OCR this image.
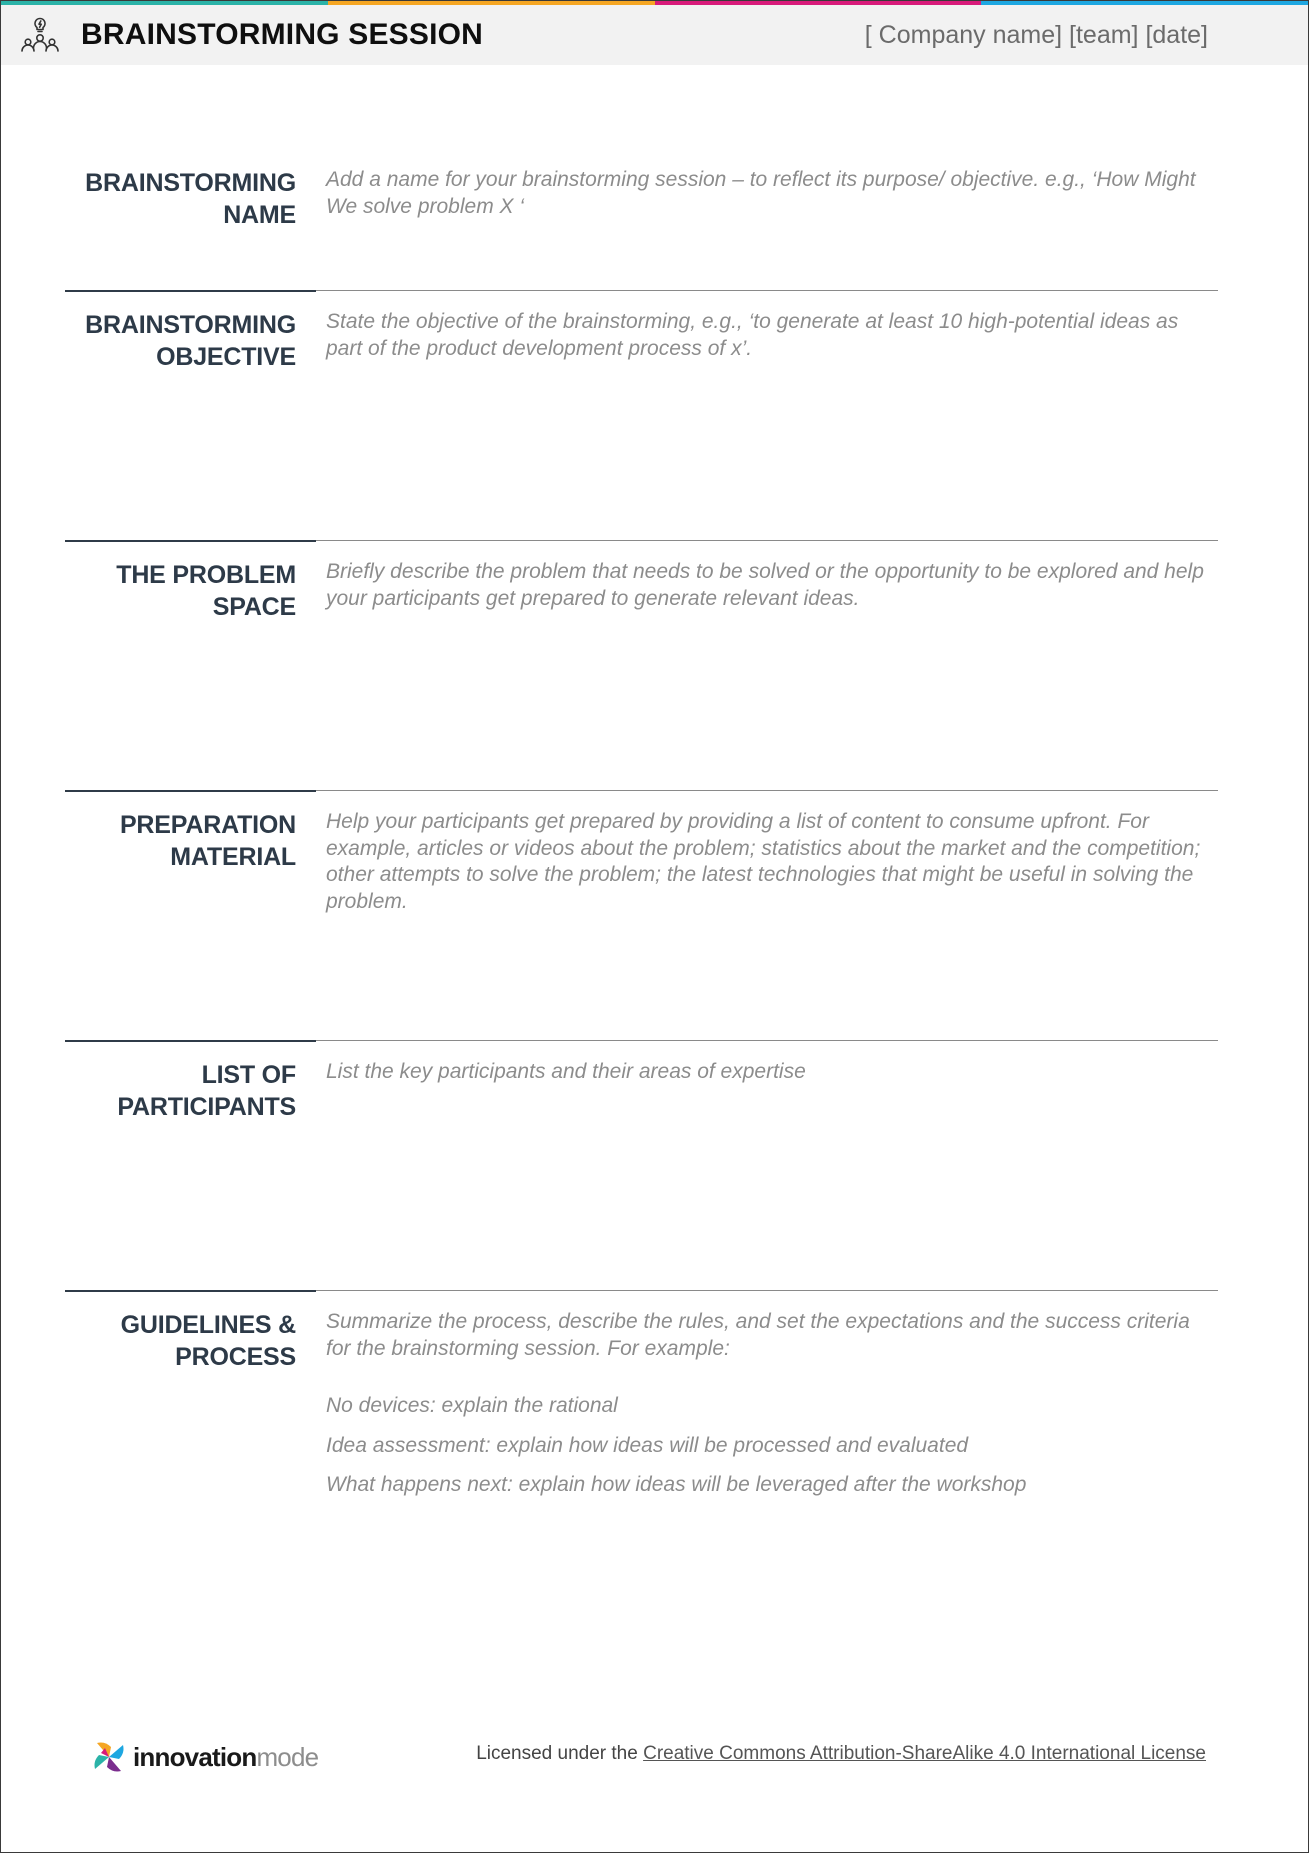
BRAINSTORMING SESSION	[ Company name] [team] [date]
BRAINSTORMING
NAME
Add a name for your brainstorming session – to reflect its purpose/ objective. e.g., ‘How Might We solve problem X ‘
BRAINSTORMING
OBJECTIVE
State the objective of the brainstorming, e.g., ‘to generate at least 10 high-potential ideas as part of the product development process of x’.
THE PROBLEM
SPACE
Briefly describe the problem that needs to be solved or the opportunity to be explored and help your participants get prepared to generate relevant ideas.
PREPARATION
MATERIAL
Help your participants get prepared by providing a list of content to consume upfront. For example, articles or videos about the problem; statistics about the market and the competition; other attempts to solve the problem; the latest technologies that might be useful in solving the problem.
LIST OF
PARTICIPANTS
List the key participants and their areas of expertise
GUIDELINES &
PROCESS
Summarize the process, describe the rules, and set the expectations and the success criteria for the brainstorming session. For example:
No devices: explain the rational
Idea assessment: explain how ideas will be processed and evaluated
What happens next: explain how ideas will be leveraged after the workshop
innovationmode	Licensed under the Creative Commons Attribution-ShareAlike 4.0 International License
